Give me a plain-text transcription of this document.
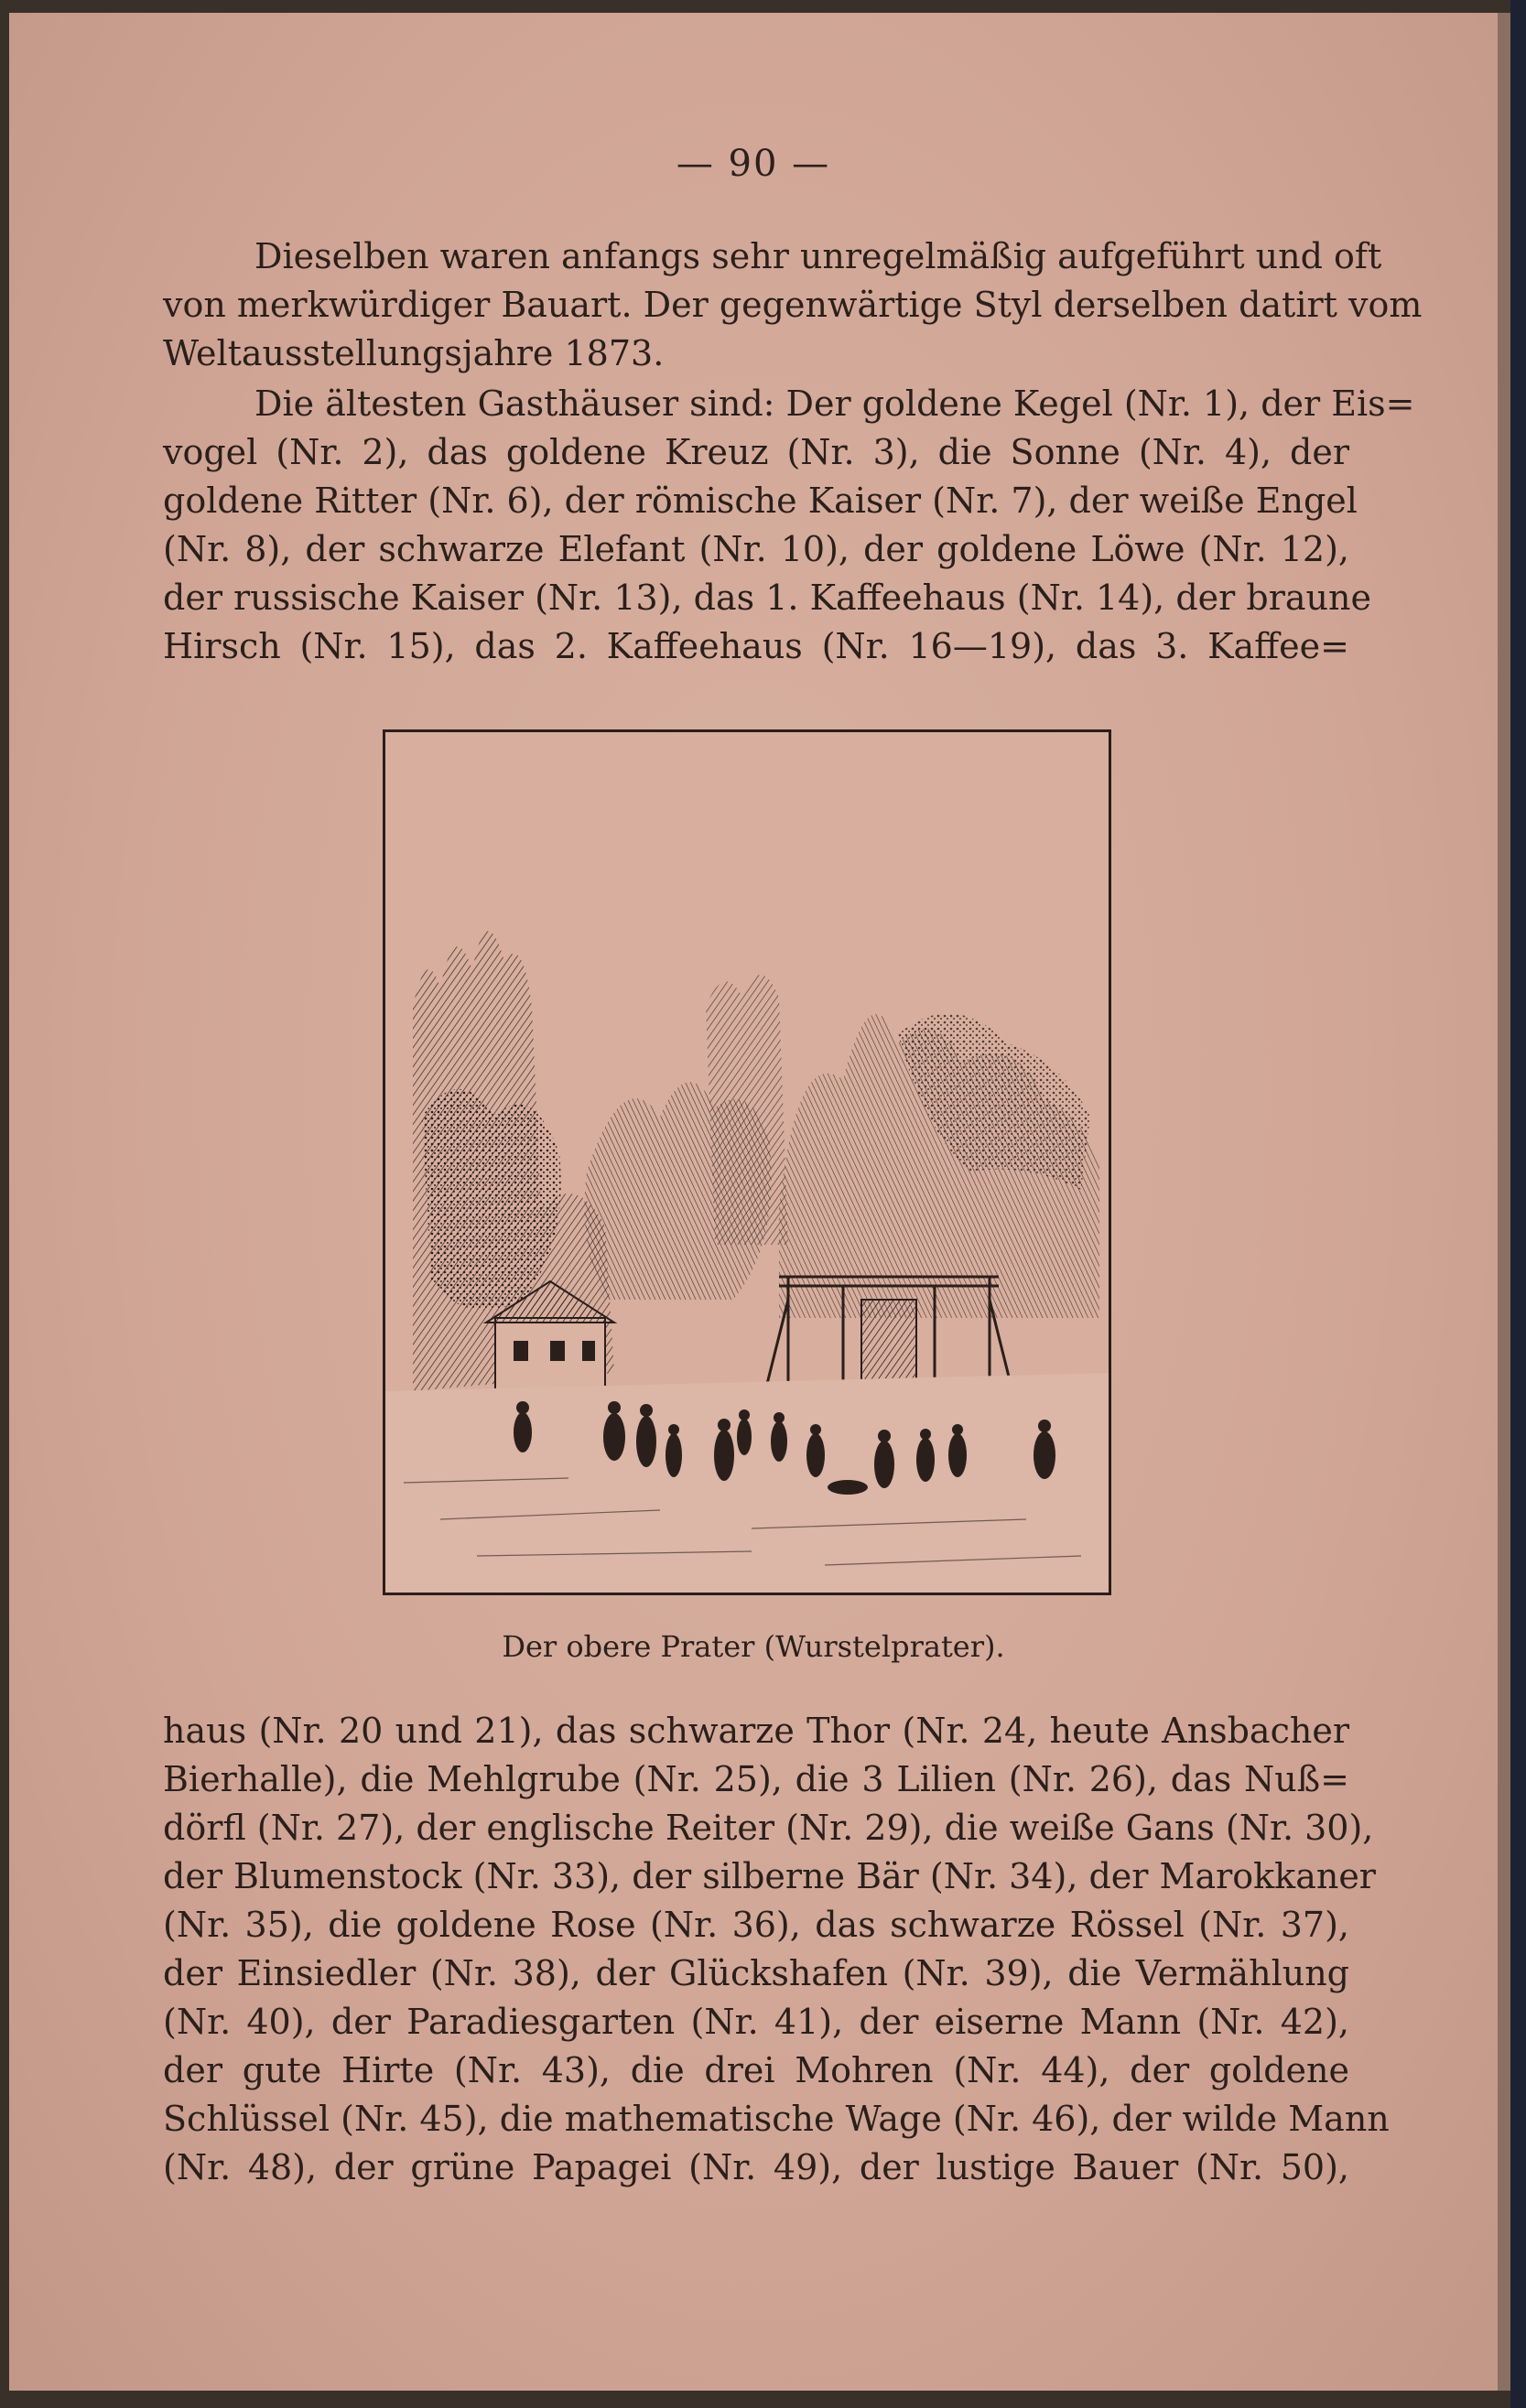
— 90 —
Dieselben waren anfangs sehr unregelmäßig aufgeführt und oft
von merkwürdiger Bauart. Der gegenwärtige Styl derselben datirt vom
Weltausstellungsjahre 1873.
Die ältesten Gasthäuser sind: Der goldene Kegel (Nr. 1), der Eis=
vogel (Nr. 2), das goldene Kreuz (Nr. 3), die Sonne (Nr. 4), der
goldene Ritter (Nr. 6), der römische Kaiser (Nr. 7), der weiße Engel
(Nr. 8), der schwarze Elefant (Nr. 10), der goldene Löwe (Nr. 12),
der russische Kaiser (Nr. 13), das 1. Kaffeehaus (Nr. 14), der braune
Hirsch (Nr. 15), das 2. Kaffeehaus (Nr. 16—19), das 3. Kaffee=
Der obere Prater (Wurstelprater).
haus (Nr. 20 und 21), das schwarze Thor (Nr. 24, heute Ansbacher
Bierhalle), die Mehlgrube (Nr. 25), die 3 Lilien (Nr. 26), das Nuß=
dörfl (Nr. 27), der englische Reiter (Nr. 29), die weiße Gans (Nr. 30),
der Blumenstock (Nr. 33), der silberne Bär (Nr. 34), der Marokkaner
(Nr. 35), die goldene Rose (Nr. 36), das schwarze Rössel (Nr. 37),
der Einsiedler (Nr. 38), der Glückshafen (Nr. 39), die Vermählung
(Nr. 40), der Paradiesgarten (Nr. 41), der eiserne Mann (Nr. 42),
der gute Hirte (Nr. 43), die drei Mohren (Nr. 44), der goldene
Schlüssel (Nr. 45), die mathematische Wage (Nr. 46), der wilde Mann
(Nr. 48), der grüne Papagei (Nr. 49), der lustige Bauer (Nr. 50),
